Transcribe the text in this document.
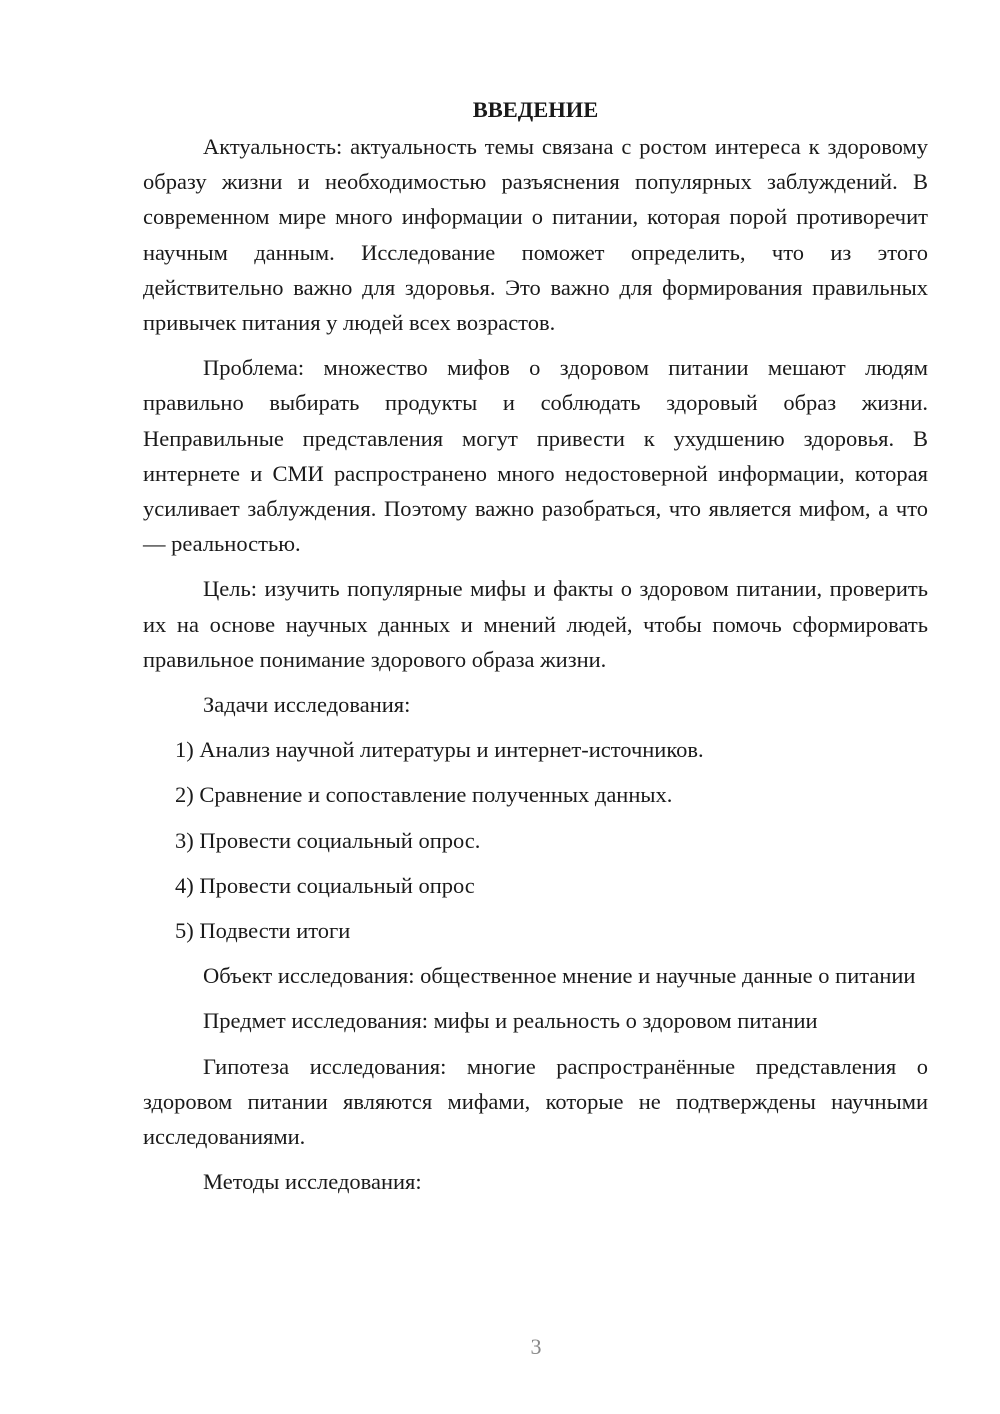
ВВЕДЕНИЕ

Актуальность: актуальность темы связана с ростом интереса к здоровому образу жизни и необходимостью разъяснения популярных заблуждений. В современном мире много информации о питании, которая порой противоречит научным данным. Исследование поможет определить, что из этого действительно важно для здоровья. Это важно для формирования правильных привычек питания у людей всех возрастов.

Проблема: множество мифов о здоровом питании мешают людям правильно выбирать продукты и соблюдать здоровый образ жизни. Неправильные представления могут привести к ухудшению здоровья. В интернете и СМИ распространено много недостоверной информации, которая усиливает заблуждения. Поэтому важно разобраться, что является мифом, а что — реальностью.

Цель: изучить популярные мифы и факты о здоровом питании, проверить их на основе научных данных и мнений людей, чтобы помочь сформировать правильное понимание здорового образа жизни.

Задачи исследования:

1) Анализ научной литературы и интернет-источников.

2) Сравнение и сопоставление полученных данных.

3) Провести социальный опрос.

4) Провести социальный опрос

5) Подвести итоги

Объект исследования: общественное мнение и научные данные о питании

Предмет исследования: мифы и реальность о здоровом питании

Гипотеза исследования: многие распространённые представления о здоровом питании являются мифами, которые не подтверждены научными исследованиями.

Методы исследования:

3
